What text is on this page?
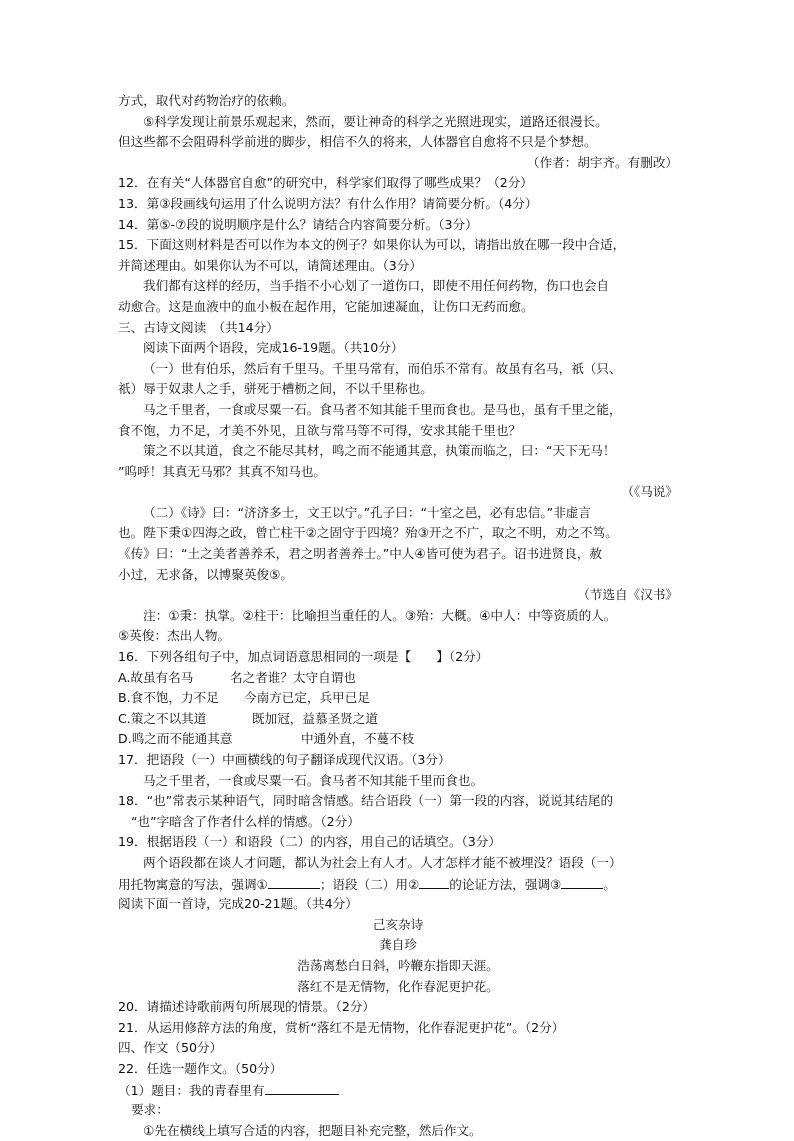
方式，取代对药物治疗的依赖。
⑤科学发现让前景乐观起来，然而，要让神奇的科学之光照进现实，道路还很漫长。
但这些都不会阻碍科学前进的脚步，相信不久的将来，人体器官自愈将不只是个梦想。
（作者：胡宇齐。有删改）
12．在有关“人体器官自愈”的研究中，科学家们取得了哪些成果？（2分）
13．第③段画线句运用了什么说明方法？有什么作用？请简要分析。（4分）
14．第⑤-⑦段的说明顺序是什么？请结合内容简要分析。（3分）
15．下面这则材料是否可以作为本文的例子？如果你认为可以，请指出放在哪一段中合适，
并简述理由。如果你认为不可以，请简述理由。（3分）
我们都有这样的经历，当手指不小心划了一道伤口，即使不用任何药物，伤口也会自
动愈合。这是血液中的血小板在起作用，它能加速凝血，让伤口无药而愈。
三、古诗文阅读　（共14分）
阅读下面两个语段，完成16-19题。（共10分）
（一）世有伯乐，然后有千里马。千里马常有，而伯乐不常有。故虽有名马，祇（只、
祇）辱于奴隶人之手，骈死于槽枥之间，不以千里称也。
马之千里者，一食或尽粟一石。食马者不知其能千里而食也。是马也，虽有千里之能，
食不饱，力不足，才美不外见，且欲与常马等不可得，安求其能千里也？
策之不以其道，食之不能尽其材，鸣之而不能通其意，执策而临之，曰：“天下无马！
”呜呼！其真无马邪？其真不知马也。
（《马说》
（二）《诗》曰：“济济多士，文王以宁。”孔子曰：“十室之邑，必有忠信。”非虚言
也。陛下秉①四海之政，曾亡柱干②之固守于四境？殆③开之不广，取之不明，劝之不笃。
《传》曰：“土之美者善养禾，君之明者善养士。”中人④皆可使为君子。诏书进贤良，赦
小过，无求备，以博聚英俊⑤。
（节选自《汉书》
注：①秉：执掌。②柱干：比喻担当重任的人。③殆：大概。④中人：中等资质的人。
⑤英俊：杰出人物。
16．下列各组句子中，加点词语意思相同的一项是【　　】（2分）
A.故虽有名马	名之者谁？太守自谓也
B.食不饱，力不足 今南方已定，兵甲已足
C.策之不以其道	既加冠，益慕圣贤之道
D.鸣之而不能通其意	中通外直，不蔓不枝
17．把语段（一）中画横线的句子翻译成现代汉语。（3分）
马之千里者，一食或尽粟一石。食马者不知其能千里而食也。
18．“也”常表示某种语气，同时暗含情感。结合语段（一）第一段的内容，说说其结尾的
“也”字暗含了作者什么样的情感。（2分）
19．根据语段（一）和语段（二）的内容，用自己的话填空。（3分）
两个语段都在谈人才问题，都认为社会上有人才。人才怎样才能不被埋没？语段（一）
用托物寓意的写法，强调①	；语段（二）用② 的论证方法，强调③	。
阅读下面一首诗，完成20-21题。（共4分）
己亥杂诗
龚自珍
浩荡离愁白日斜，吟鞭东指即天涯。
落红不是无情物，化作春泥更护花。
20．请描述诗歌前两句所展现的情景。（2分）
21．从运用修辞方法的角度，赏析“落红不是无情物，化作春泥更护花”。（2分）
四、作文（50分）
22．任选一题作文。（50分）
（1）题目：我的青春里有
要求：
①先在横线上填写合适的内容，把题目补充完整，然后作文。
